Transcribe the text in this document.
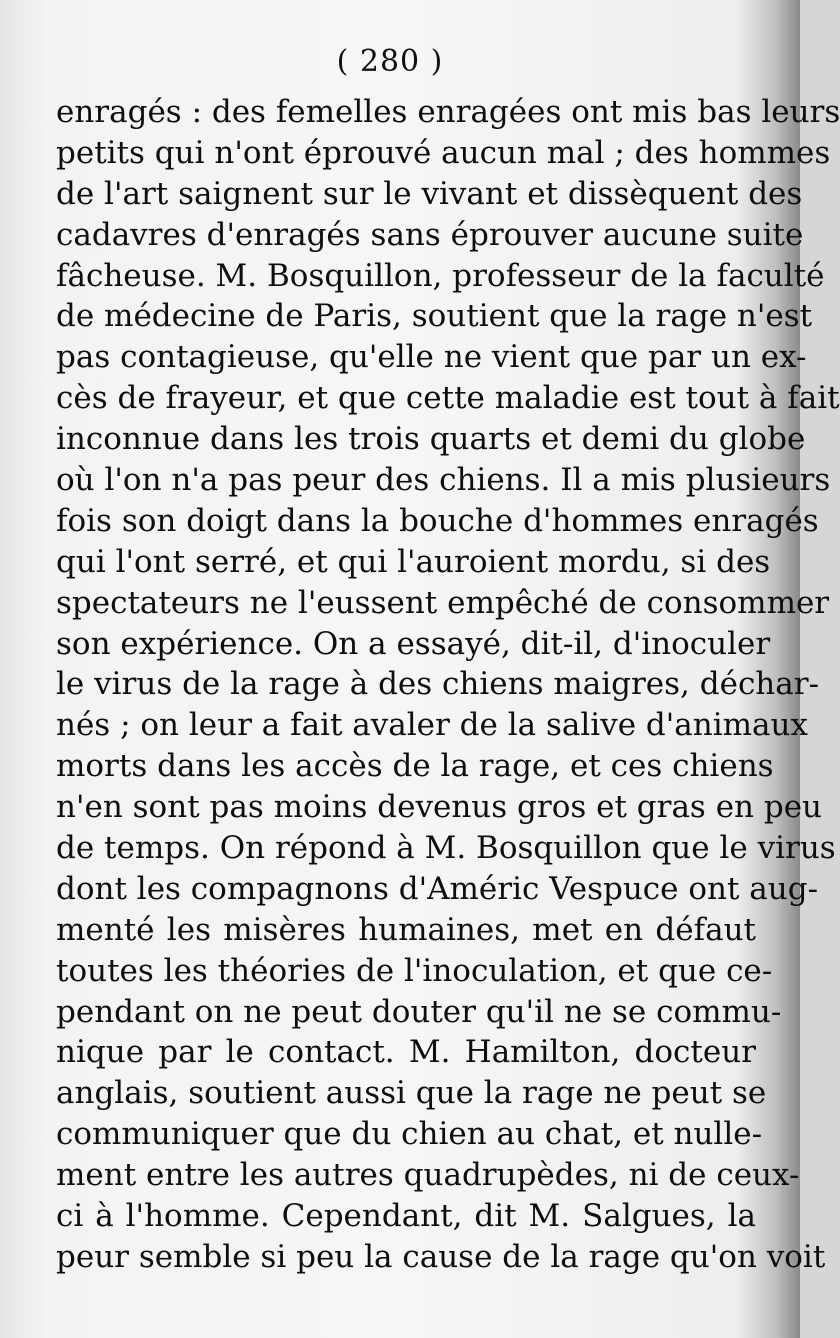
( 280 )
enragés : des femelles enragées ont mis bas leurs
petits qui n'ont éprouvé aucun mal ; des hommes
de l'art saignent sur le vivant et dissèquent des
cadavres d'enragés sans éprouver aucune suite
fâcheuse. M. Bosquillon, professeur de la faculté
de médecine de Paris, soutient que la rage n'est
pas contagieuse, qu'elle ne vient que par un ex-
cès de frayeur, et que cette maladie est tout à fait
inconnue dans les trois quarts et demi du globe
où l'on n'a pas peur des chiens. Il a mis plusieurs
fois son doigt dans la bouche d'hommes enragés
qui l'ont serré, et qui l'auroient mordu, si des
spectateurs ne l'eussent empêché de consommer
son expérience. On a essayé, dit-il, d'inoculer
le virus de la rage à des chiens maigres, déchar-
nés ; on leur a fait avaler de la salive d'animaux
morts dans les accès de la rage, et ces chiens
n'en sont pas moins devenus gros et gras en peu
de temps. On répond à M. Bosquillon que le virus
dont les compagnons d'Améric Vespuce ont aug-
menté les misères humaines, met en défaut
toutes les théories de l'inoculation, et que ce-
pendant on ne peut douter qu'il ne se commu-
nique par le contact. M. Hamilton, docteur
anglais, soutient aussi que la rage ne peut se
communiquer que du chien au chat, et nulle-
ment entre les autres quadrupèdes, ni de ceux-
ci à l'homme. Cependant, dit M. Salgues, la
peur semble si peu la cause de la rage qu'on voit
